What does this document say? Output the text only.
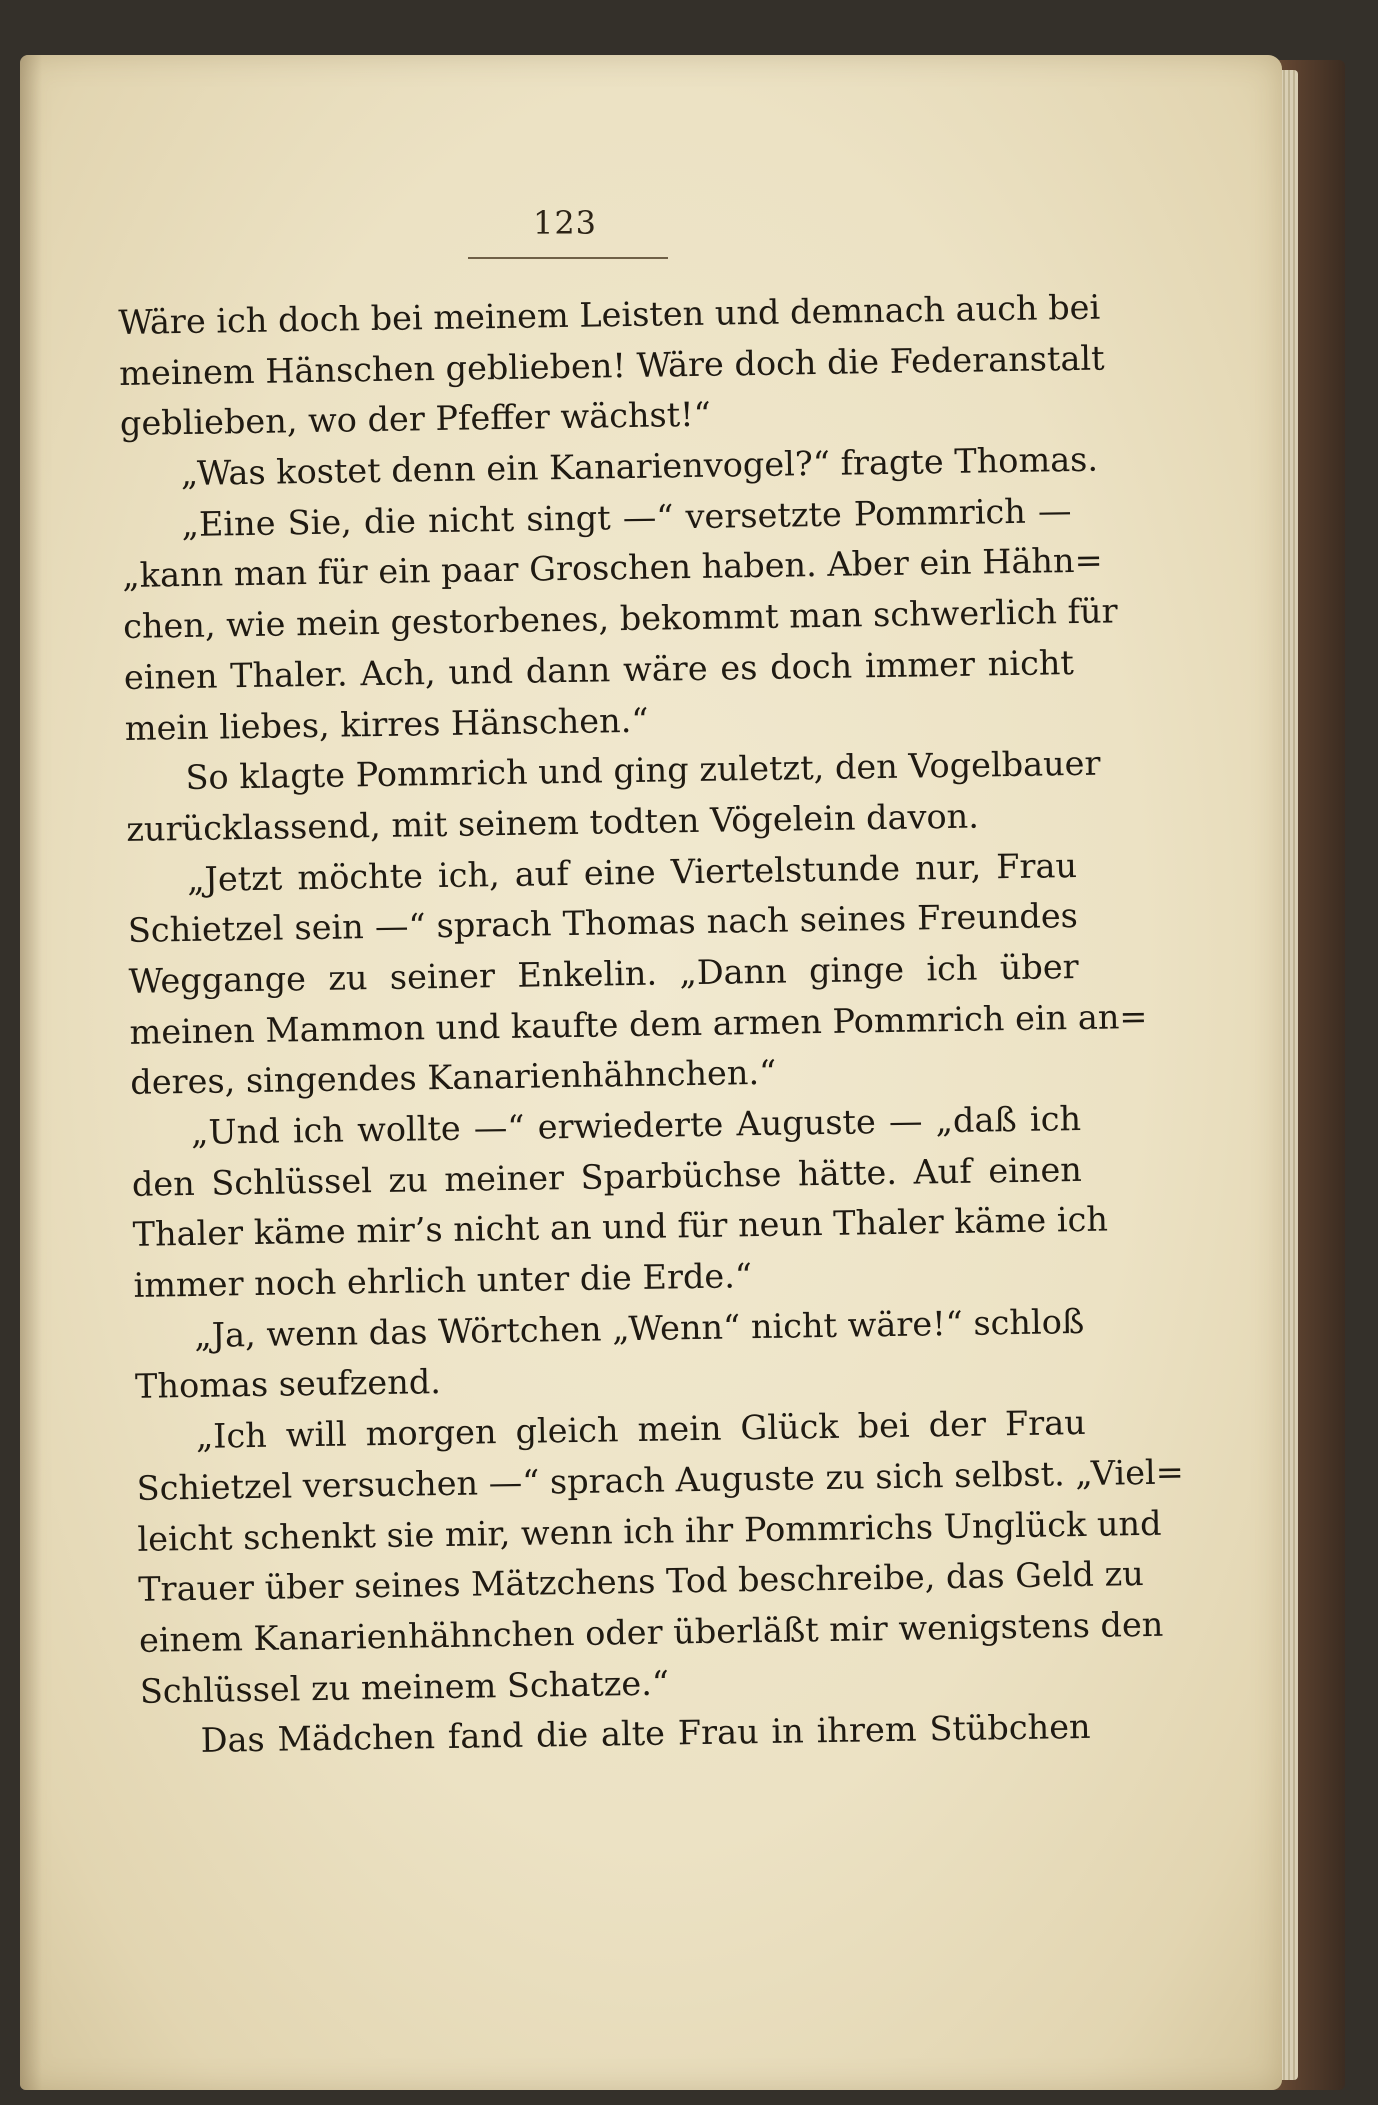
123
Wäre ich doch bei meinem Leisten und demnach auch bei
meinem Hänschen geblieben! Wäre doch die Federanstalt
geblieben, wo der Pfeffer wächst!“
„Was kostet denn ein Kanarienvogel?“ fragte Thomas.
„Eine Sie, die nicht singt —“ versetzte Pommrich —
„kann man für ein paar Groschen haben. Aber ein Hähn=
chen, wie mein gestorbenes, bekommt man schwerlich für
einen Thaler. Ach, und dann wäre es doch immer nicht
mein liebes, kirres Hänschen.“
So klagte Pommrich und ging zuletzt, den Vogelbauer
zurücklassend, mit seinem todten Vögelein davon.
„Jetzt möchte ich, auf eine Viertelstunde nur, Frau
Schietzel sein —“ sprach Thomas nach seines Freundes
Weggange zu seiner Enkelin. „Dann ginge ich über
meinen Mammon und kaufte dem armen Pommrich ein an=
deres, singendes Kanarienhähnchen.“
„Und ich wollte —“ erwiederte Auguste — „daß ich
den Schlüssel zu meiner Sparbüchse hätte. Auf einen
Thaler käme mir’s nicht an und für neun Thaler käme ich
immer noch ehrlich unter die Erde.“
„Ja, wenn das Wörtchen „Wenn“ nicht wäre!“ schloß
Thomas seufzend.
„Ich will morgen gleich mein Glück bei der Frau
Schietzel versuchen —“ sprach Auguste zu sich selbst. „Viel=
leicht schenkt sie mir, wenn ich ihr Pommrichs Unglück und
Trauer über seines Mätzchens Tod beschreibe, das Geld zu
einem Kanarienhähnchen oder überläßt mir wenigstens den
Schlüssel zu meinem Schatze.“
Das Mädchen fand die alte Frau in ihrem Stübchen
